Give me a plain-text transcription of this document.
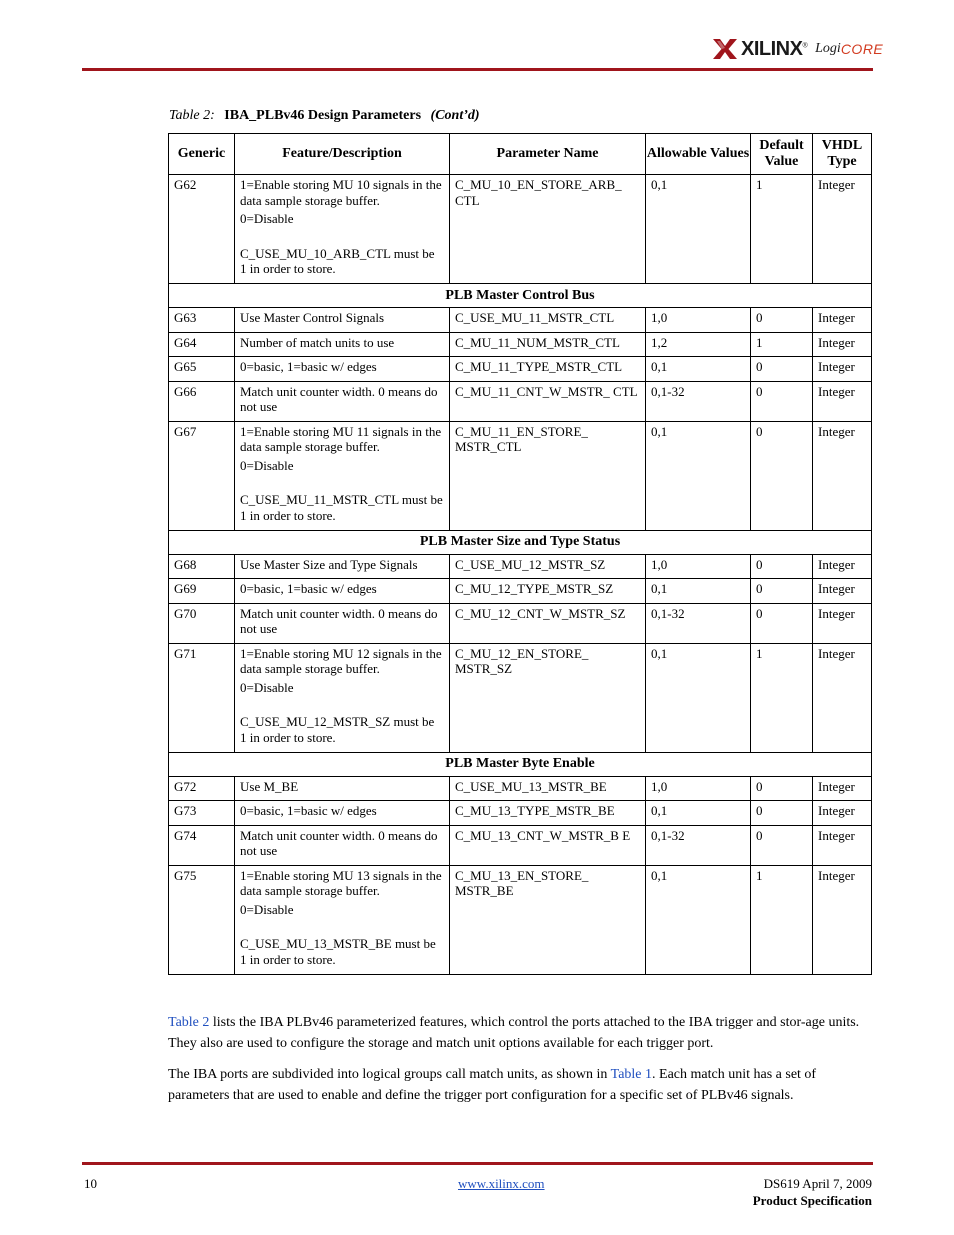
XILINX® Logi CORE
Table 2: IBA_PLBv46 Design Parameters (Cont’d)
Generic	Feature/Description	Parameter Name	Allowable Values	Default Value	VHDL Type

G62	1=Enable storing MU 10 signals in the data sample storage buffer.

0=Disable

C_USE_MU_10_ARB_CTL must be 1 in order to store.	C_MU_10_EN_STORE_ARB_ CTL	0,1	1	Integer

PLB Master Control Bus					

G63	Use Master Control Signals	C_USE_MU_11_MSTR_CTL	1,0	0	Integer

G64	Number of match units to use	C_MU_11_NUM_MSTR_CTL	1,2	1	Integer

G65	0=basic, 1=basic w/ edges	C_MU_11_TYPE_MSTR_CTL	0,1	0	Integer

G66	Match unit counter width. 0 means do not use	C_MU_11_CNT_W_MSTR_ CTL	0,1-32	0	Integer

G67	1=Enable storing MU 11 signals in the data sample storage buffer.

0=Disable

C_USE_MU_11_MSTR_CTL must be 1 in order to store.	C_MU_11_EN_STORE_ MSTR_CTL	0,1	0	Integer

PLB Master Size and Type Status					

G68	Use Master Size and Type Signals	C_USE_MU_12_MSTR_SZ	1,0	0	Integer

G69	0=basic, 1=basic w/ edges	C_MU_12_TYPE_MSTR_SZ	0,1	0	Integer

G70	Match unit counter width. 0 means do not use	C_MU_12_CNT_W_MSTR_SZ	0,1-32	0	Integer

G71	1=Enable storing MU 12 signals in the data sample storage buffer.

0=Disable

C_USE_MU_12_MSTR_SZ must be 1 in order to store.	C_MU_12_EN_STORE_ MSTR_SZ	0,1	1	Integer

PLB Master Byte Enable					

G72	Use M_BE	C_USE_MU_13_MSTR_BE	1,0	0	Integer

G73	0=basic, 1=basic w/ edges	C_MU_13_TYPE_MSTR_BE	0,1	0	Integer

G74	Match unit counter width. 0 means do not use	C_MU_13_CNT_W_MSTR_B E	0,1-32	0	Integer

G75	1=Enable storing MU 13 signals in the data sample storage buffer.

0=Disable

C_USE_MU_13_MSTR_BE must be 1 in order to store.	C_MU_13_EN_STORE_ MSTR_BE	0,1	1	Integer
Table 2 lists the IBA PLBv46 parameterized features, which control the ports attached to the IBA trigger and stor-age units. They also are used to configure the storage and match unit options available for each trigger port.
The IBA ports are subdivided into logical groups call match units, as shown in Table 1. Each match unit has a set of parameters that are used to enable and define the trigger port configuration for a specific set of PLBv46 signals.
10	www.xilinx.com	DS619 April 7, 2009
Product Specification
